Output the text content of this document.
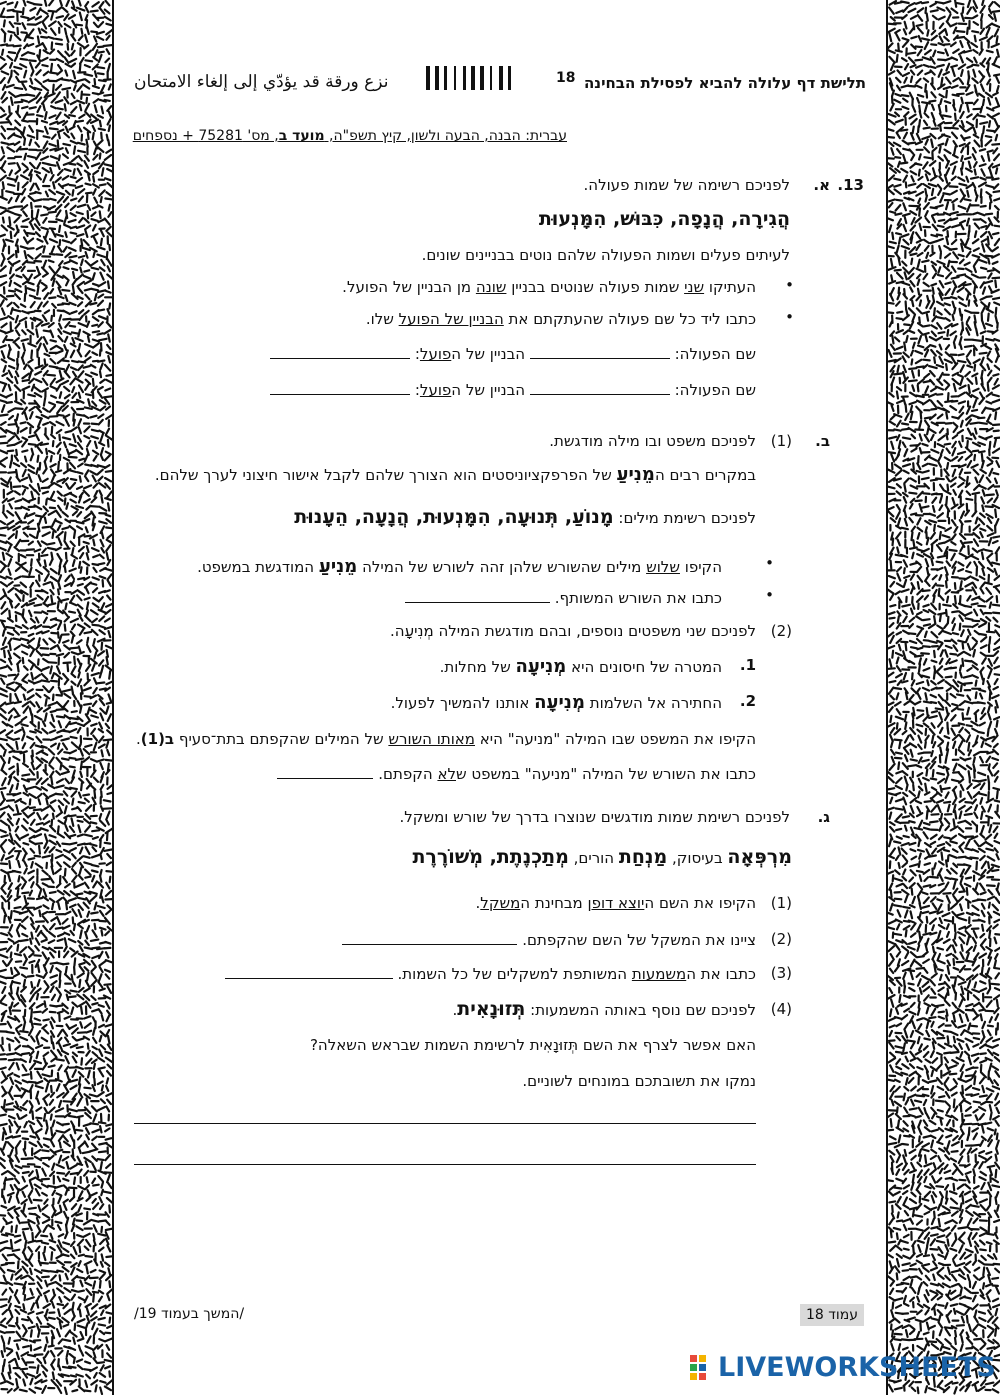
תלישת דף עלולה להביא לפסילת הבחינה
18
نزع ورقة قد يؤدّي إلى إلغاء الامتحان
עברית: הבנה, הבעה ולשון, קיץ תשפ"ה, מועד ב, מס' 75281 + נספחים
13.
א.
לפניכם רשימה של שמות פעולה.
הֲגִירָה, הֲנָפָה, כִּבּוּשׁ, הִמָּנְעוּת
לעיתים פעלים ושמות הפעולה שלהם נוטים בבניינים שונים.
•
העתיקו שני שמות פעולה שנוטים בבניין שונה מן הבניין של הפועל.
•
כתבו ליד כל שם פעולה שהעתקתם את הבניין של הפועל שלו.
שם הפעולה:  הבניין של הפועל:
שם הפעולה:  הבניין של הפועל:
ב.
(1)
לפניכם משפט ובו מילה מודגשת.
במקרים רבים המֵנִיעַ של הפרפקציוניסטים הוא הצורך שלהם לקבל אישור חיצוני לערך שלהם.
לפניכם רשימת מילים: מָנוֹעַ, תְּנוּעָה, הִמָּנְעוּת, הֲנָעָה, הֵעָנוּת
•
הקיפו שלוש מילים שהשורש שלהן זהה לשורש של המילה מֵנִיעַ המודגשת במשפט.
•
כתבו את השורש המשותף.
(2)
לפניכם שני משפטים נוספים, ובהם מודגשת המילה מְנִיעָה.
1.
המטרה של חיסונים היא מְנִיעָה של מחלות.
2.
החתירה אל השלמות מְנִיעָה אותנו להמשיך לפעול.
הקיפו את המשפט שבו המילה "מניעה" היא מאותו השורש של המילים שהקפתם בתת־סעיף ב(1).
כתבו את השורש של המילה "מניעה" במשפט שלא הקפתם.
ג.
לפניכם רשימת שמות מודגשים שנוצרו בדרך של שורש ומשקל.
מִרְפְּאָה בעיסוק, מַנְחַת הורים, מְתַכְנֶתֶת, מְשׁוֹרֶרֶת
(1)
הקיפו את השם היוצא דופן מבחינת המשקל.
(2)
ציינו את המשקל של השם שהקפתם.
(3)
כתבו את המשמעות המשותפת למשקלים של כל השמות.
(4)
לפניכם שם נוסף באותה המשמעות: תְּזוּנָאִית.
האם אפשר לצרף את השם תְּזוּנָאִית לרשימת השמות שבראש השאלה?
נמקו את תשובתכם במונחים לשוניים.
עמוד 18
/המשך בעמוד 19/
LIVEWORKSHEETS
